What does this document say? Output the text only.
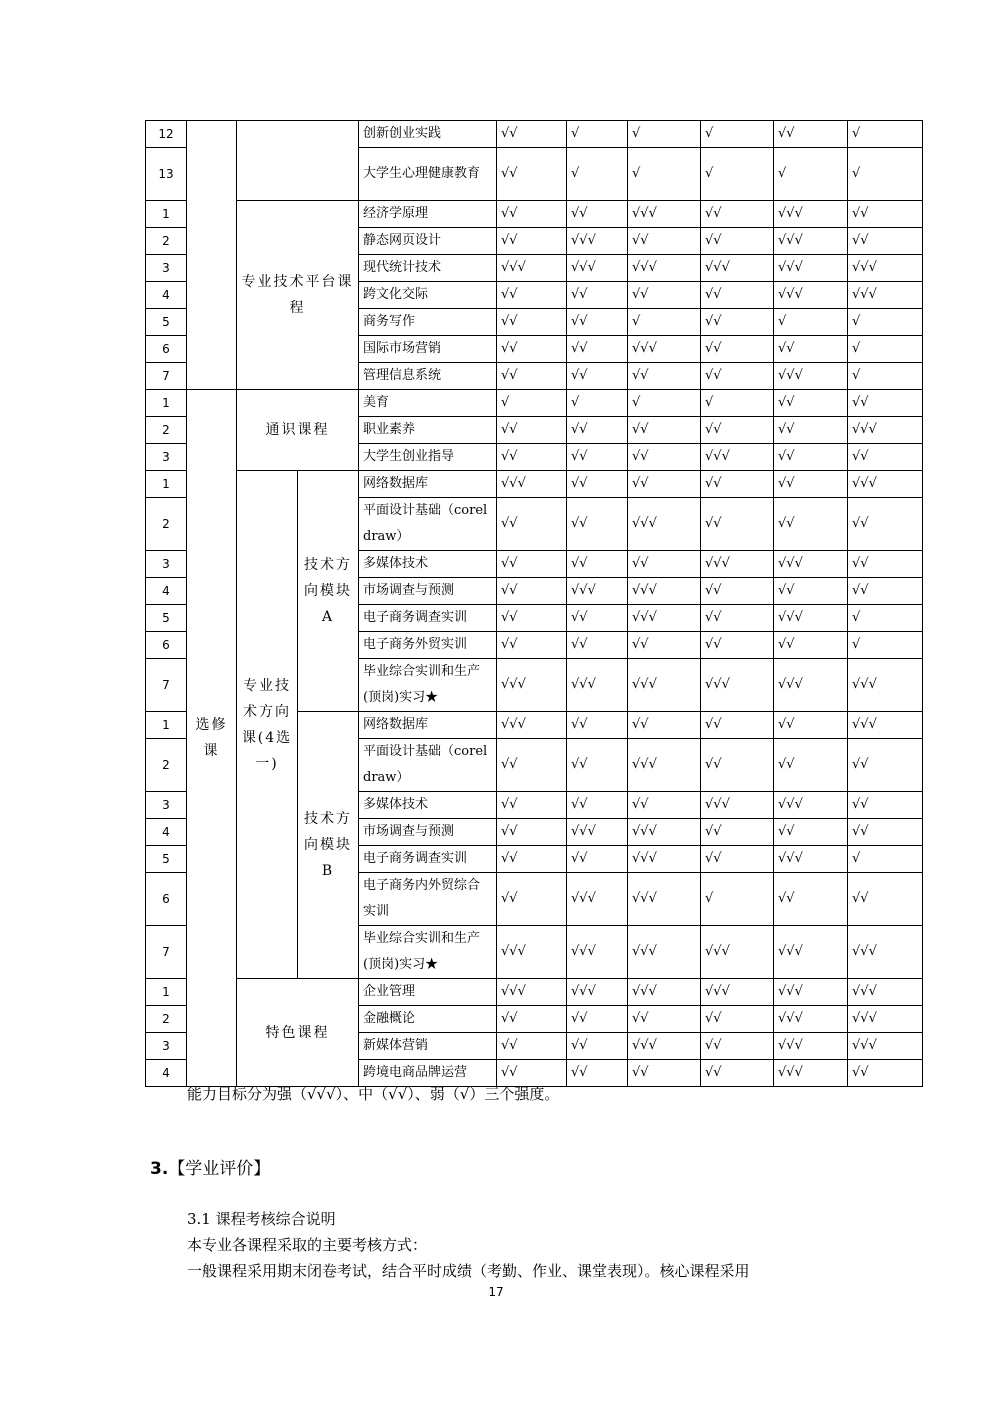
12				创新创业实践	√√	√	√	√	√√	√
13				大学生心理健康教育	√√	√	√	√	√	√
1		专业技术平台课程		经济学原理	√√	√√	√√√	√√	√√√	√√
2				静态网页设计	√√	√√√	√√	√√	√√√	√√
3				现代统计技术	√√√	√√√	√√√	√√√	√√√	√√√
4				跨文化交际	√√	√√	√√	√√	√√√	√√√
5				商务写作	√√	√√	√	√√	√	√
6				国际市场营销	√√	√√	√√√	√√	√√	√
7				管理信息系统	√√	√√	√√	√√	√√√	√
1	选修课	通识课程		美育	√	√	√	√	√√	√√
2				职业素养	√√	√√	√√	√√	√√	√√√
3				大学生创业指导	√√	√√	√√	√√√	√√	√√
1		专业技术方向课(4选一)	技术方向模块A	网络数据库	√√√	√√	√√	√√	√√	√√√
2				平面设计基础（coreldraw）	√√	√√	√√√	√√	√√	√√
3				多媒体技术	√√	√√	√√	√√√	√√√	√√
4				市场调查与预测	√√	√√√	√√√	√√	√√	√√
5				电子商务调查实训	√√	√√	√√√	√√	√√√	√
6				电子商务外贸实训	√√	√√	√√	√√	√√	√
7				毕业综合实训和生产(顶岗)实习★	√√√	√√√	√√√	√√√	√√√	√√√
1			技术方向模块B	网络数据库	√√√	√√	√√	√√	√√	√√√
2				平面设计基础（coreldraw）	√√	√√	√√√	√√	√√	√√
3				多媒体技术	√√	√√	√√	√√√	√√√	√√
4				市场调查与预测	√√	√√√	√√√	√√	√√	√√
5				电子商务调查实训	√√	√√	√√√	√√	√√√	√
6				电子商务内外贸综合实训	√√	√√√	√√√	√	√√	√√
7				毕业综合实训和生产(顶岗)实习★	√√√	√√√	√√√	√√√	√√√	√√√
1		特色课程		企业管理	√√√	√√√	√√√	√√√	√√√	√√√
2				金融概论	√√	√√	√√	√√	√√√	√√√
3				新媒体营销	√√	√√	√√√	√√	√√√	√√√
4				跨境电商品牌运营	√√	√√	√√	√√	√√√	√√
能力目标分为强（√√√）、中（√√）、弱（√）三个强度。
3.【学业评价】
3.1 课程考核综合说明
本专业各课程采取的主要考核方式：
一般课程采用期末闭卷考试，结合平时成绩（考勤、作业、课堂表现）。核心课程采用
17
